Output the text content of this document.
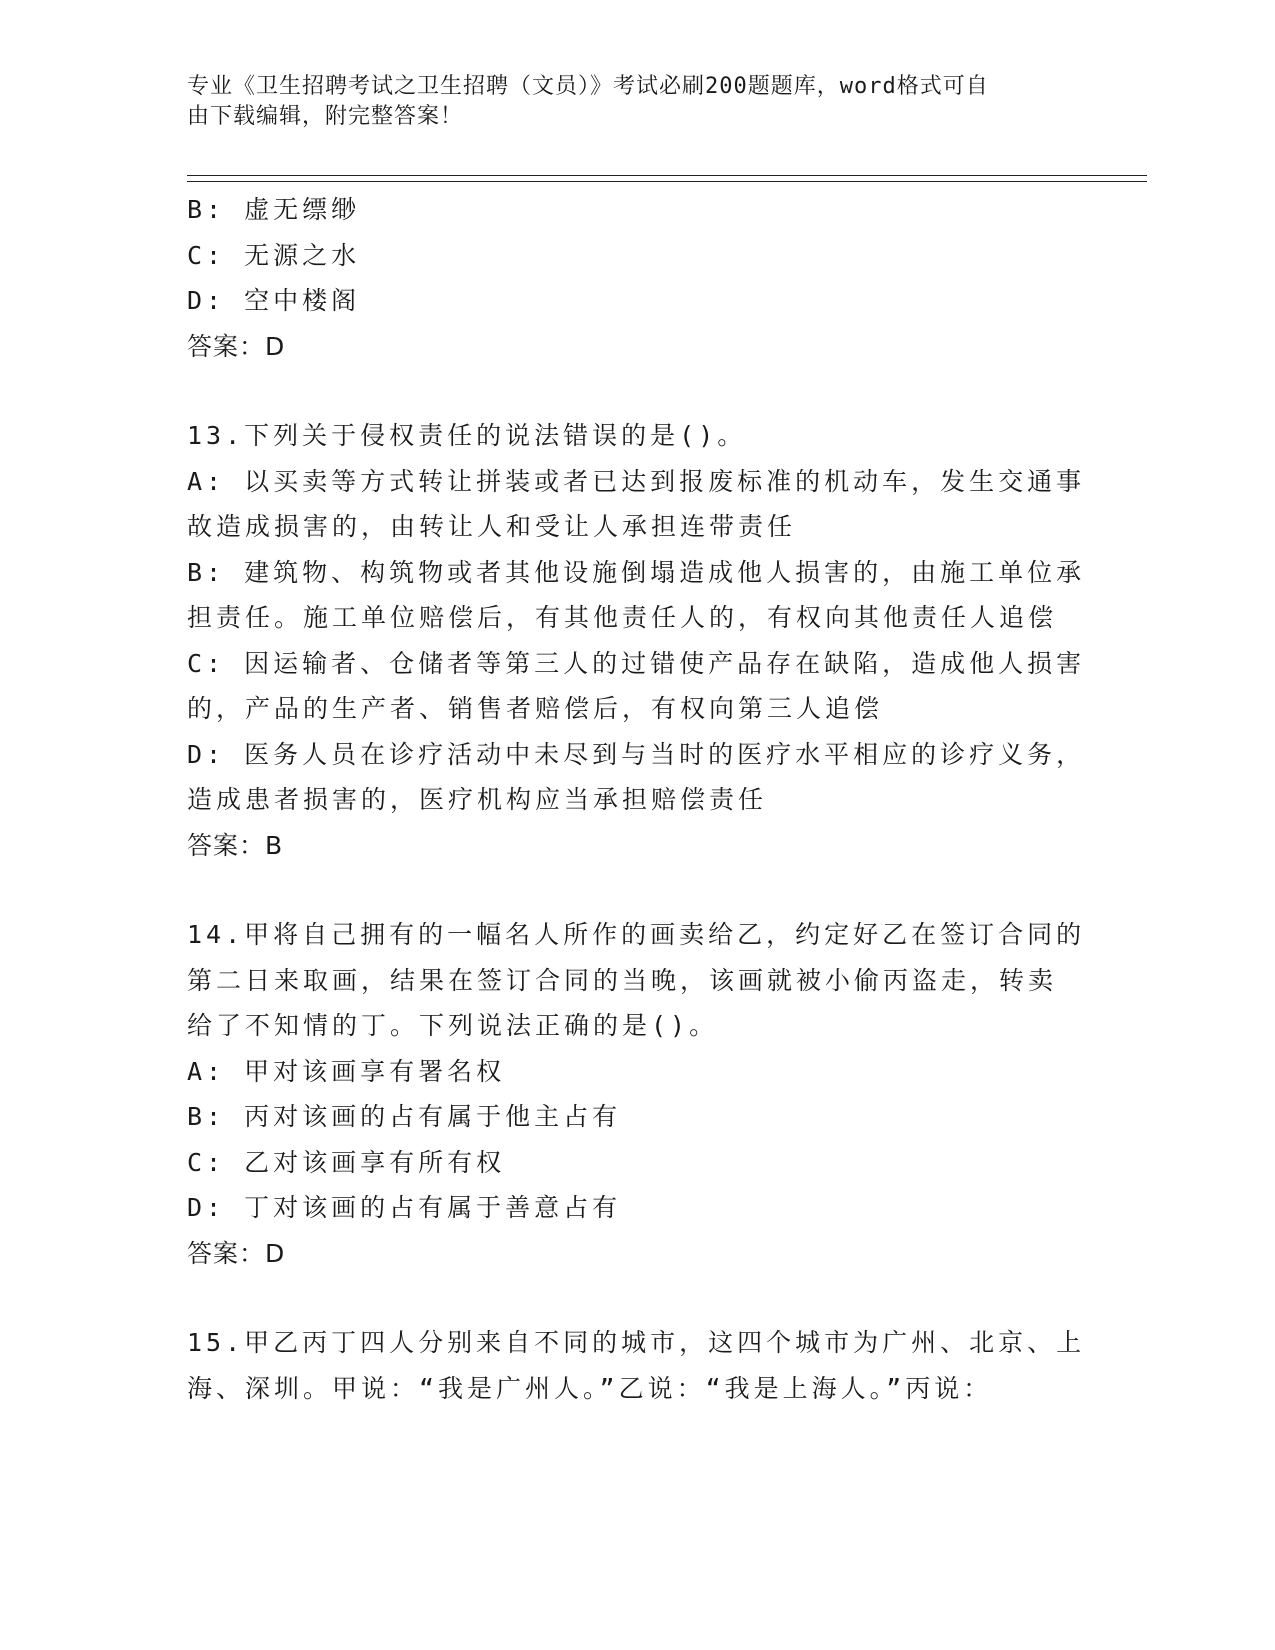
专业《卫生招聘考试之卫生招聘（文员）》考试必刷200题题库，word格式可自
由下载编辑，附完整答案！
B: 虚无缥缈
C: 无源之水
D: 空中楼阁
答案：D
13.下列关于侵权责任的说法错误的是()。
A: 以买卖等方式转让拼装或者已达到报废标准的机动车，发生交通事
故造成损害的，由转让人和受让人承担连带责任
B: 建筑物、构筑物或者其他设施倒塌造成他人损害的，由施工单位承
担责任。施工单位赔偿后，有其他责任人的，有权向其他责任人追偿
C: 因运输者、仓储者等第三人的过错使产品存在缺陷，造成他人损害
的，产品的生产者、销售者赔偿后，有权向第三人追偿
D: 医务人员在诊疗活动中未尽到与当时的医疗水平相应的诊疗义务，
造成患者损害的，医疗机构应当承担赔偿责任
答案：B
14.甲将自己拥有的一幅名人所作的画卖给乙，约定好乙在签订合同的
第二日来取画，结果在签订合同的当晚，该画就被小偷丙盗走，转卖
给了不知情的丁。下列说法正确的是()。
A: 甲对该画享有署名权
B: 丙对该画的占有属于他主占有
C: 乙对该画享有所有权
D: 丁对该画的占有属于善意占有
答案：D
15.甲乙丙丁四人分别来自不同的城市，这四个城市为广州、北京、上
海、深圳。甲说：“我是广州人。”乙说：“我是上海人。”丙说：
